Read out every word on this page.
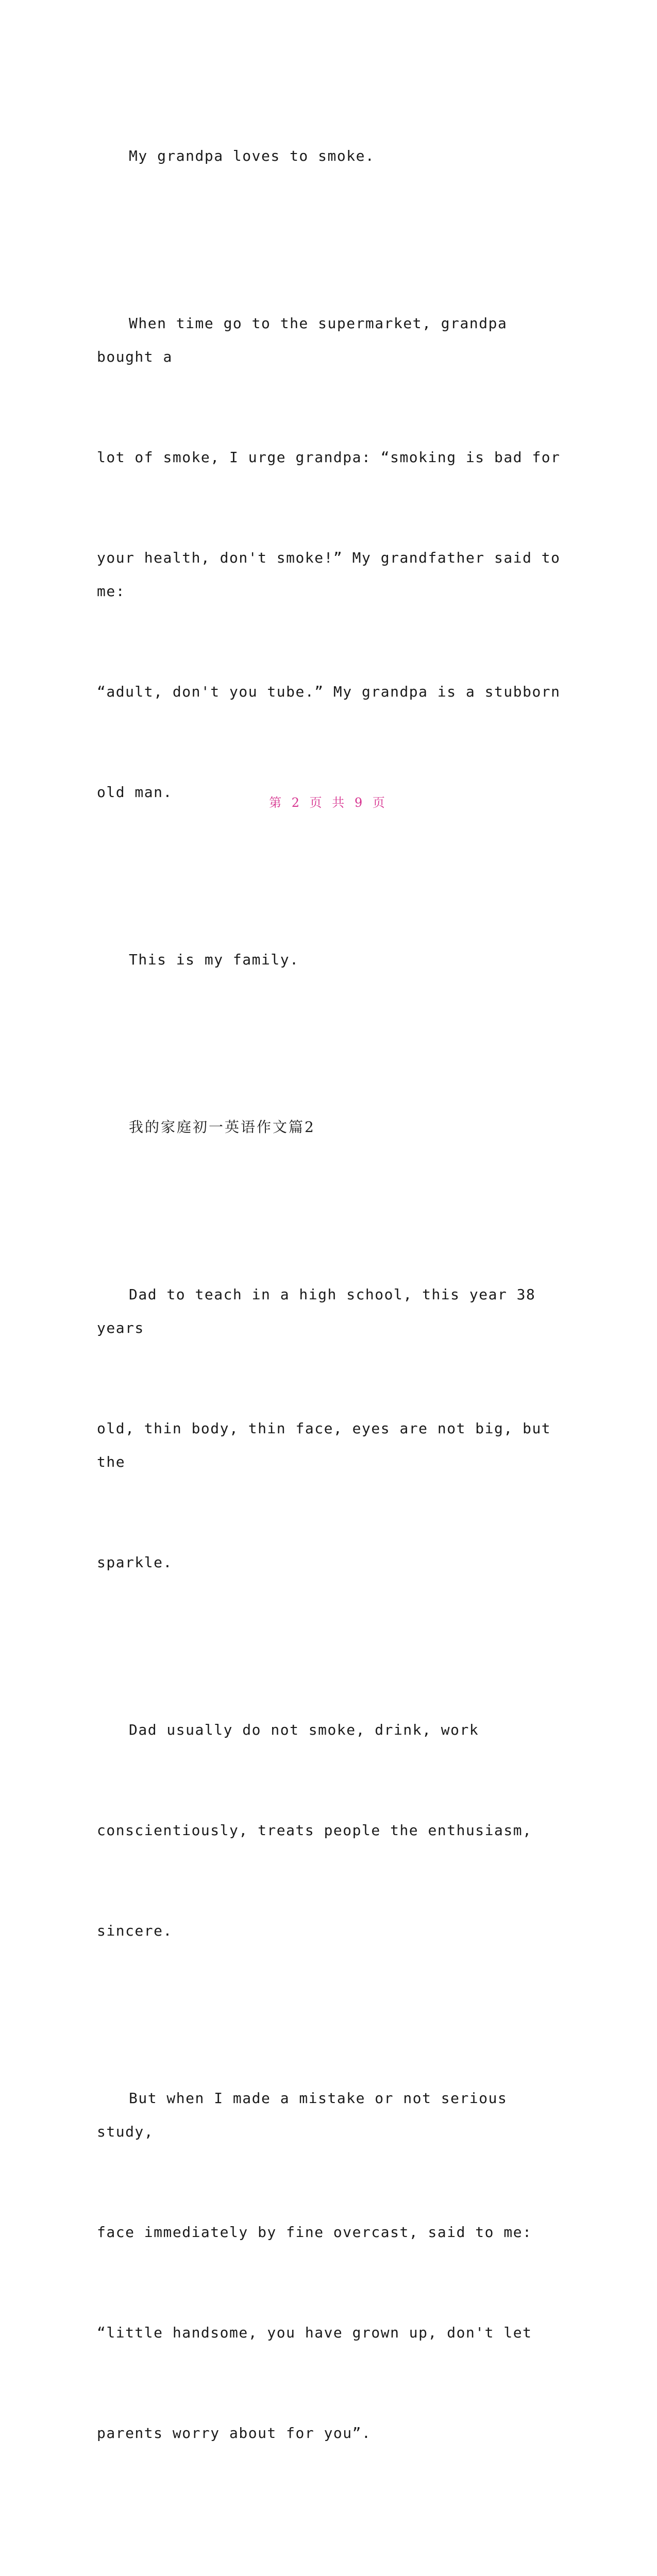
My grandpa loves to smoke.

When time go to the supermarket, grandpa bought a

lot of smoke, I urge grandpa: “smoking is bad for

your health, don't smoke!” My grandfather said to me:

“adult, don't you tube.” My grandpa is a stubborn

old man.

This is my family.

我的家庭初一英语作文篇2

Dad to teach in a high school, this year 38 years

old, thin body, thin face, eyes are not big, but the

sparkle.

Dad usually do not smoke, drink, work

conscientiously, treats people the enthusiasm,

sincere.

But when I made a mistake or not serious study,

face immediately by fine overcast, said to me:

“little handsome, you have grown up, don't let

parents worry about for you”.

第 2 页 共 9 页
